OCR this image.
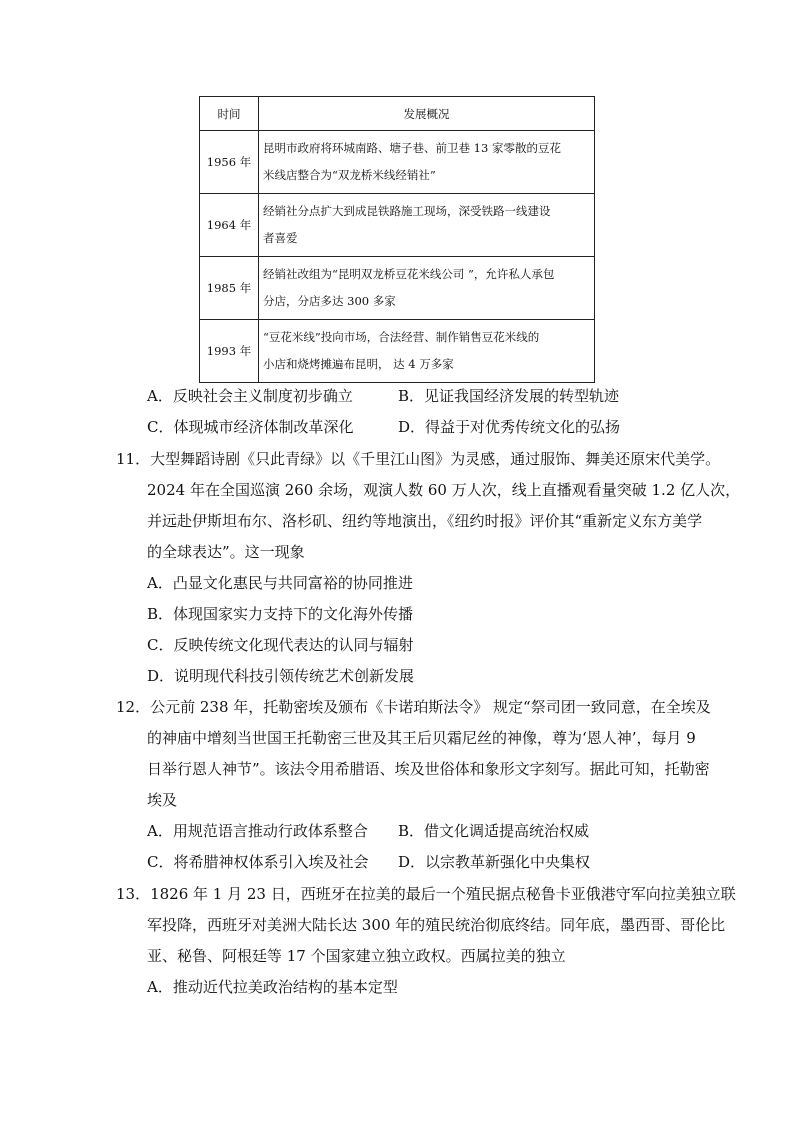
时间	发展概况
1956 年	昆明市政府将环城南路、塘子巷、前卫巷 13 家零散的豆花
米线店整合为“双龙桥米线经销社”

1964 年	经销社分点扩大到成昆铁路施工现场，深受铁路一线建设
者喜爱

1985 年	经销社改组为“昆明双龙桥豆花米线公司 ”，允许私人承包
分店，分店多达 300 多家

1993 年	“豆花米线”投向市场，合法经营、制作销售豆花米线的
小店和烧烤摊遍布昆明， 达 4 万多家
A．反映社会主义制度初步确立	B．见证我国经济发展的转型轨迹
C．体现城市经济体制改革深化	D．得益于对优秀传统文化的弘扬
11．大型舞蹈诗剧《只此青绿》以《千里江山图》为灵感，通过服饰、舞美还原宋代美学。
2024 年在全国巡演 260 余场，观演人数 60 万人次，线上直播观看量突破 1.2 亿人次，
并远赴伊斯坦布尔、洛杉矶、纽约等地演出，《纽约时报》评价其“重新定义东方美学
的全球表达”。这一现象
A．凸显文化惠民与共同富裕的协同推进
B．体现国家实力支持下的文化海外传播
C．反映传统文化现代表达的认同与辐射
D．说明现代科技引领传统艺术创新发展
12．公元前 238 年，托勒密埃及颁布《卡诺珀斯法令》 规定“祭司团一致同意，在全埃及
的神庙中增刻当世国王托勒密三世及其王后贝霜尼丝的神像，尊为‘恩人神’，每月 9
日举行恩人神节”。该法令用希腊语、埃及世俗体和象形文字刻写。据此可知，托勒密
埃及
A．用规范语言推动行政体系整合 B．借文化调适提高统治权威
C．将希腊神权体系引入埃及社会 D．以宗教革新强化中央集权
13．1826 年 1 月 23 日，西班牙在拉美的最后一个殖民据点秘鲁卡亚俄港守军向拉美独立联
军投降，西班牙对美洲大陆长达 300 年的殖民统治彻底终结。同年底，墨西哥、哥伦比
亚、秘鲁、阿根廷等 17 个国家建立独立政权。西属拉美的独立
A．推动近代拉美政治结构的基本定型
